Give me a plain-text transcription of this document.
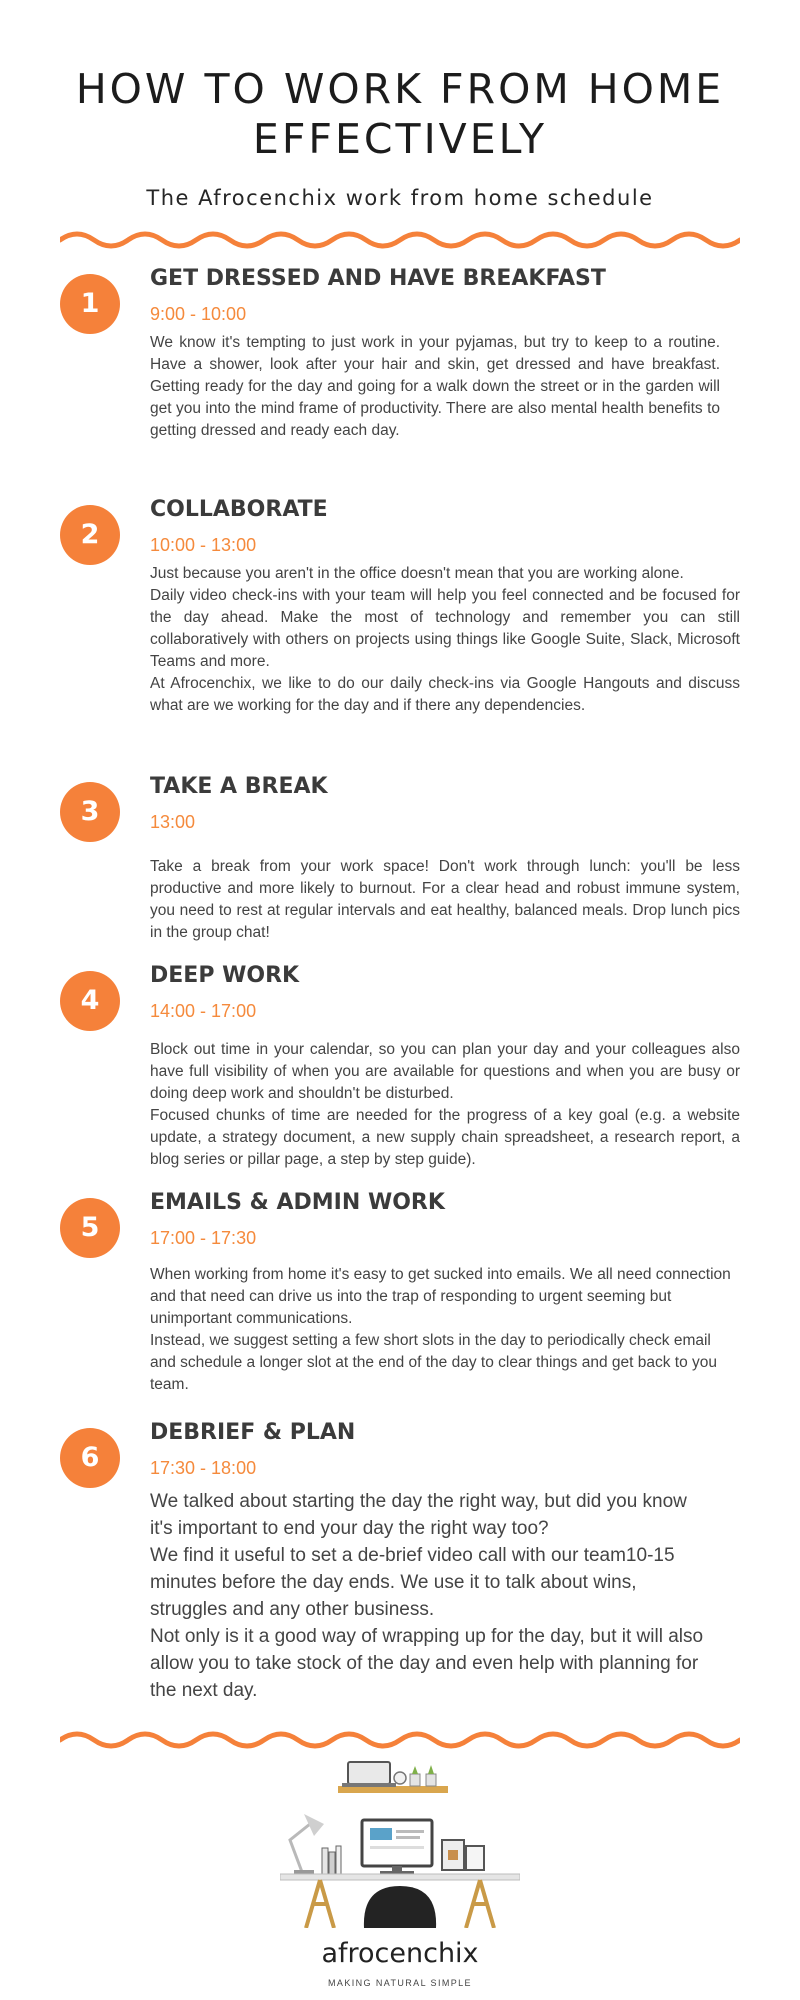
HOW TO WORK FROM HOME EFFECTIVELY
The Afrocenchix work from home schedule
1
GET DRESSED AND HAVE BREAKFAST
9:00 - 10:00

We know it's tempting to just work in your pyjamas, but try to keep to a routine. Have a shower, look after your hair and skin, get dressed and have breakfast. Getting ready for the day and going for a walk down the street or in the garden will get you into the mind frame of productivity. There are also mental health benefits to getting dressed and ready each day.

2
COLLABORATE
10:00 - 13:00

Just because you aren't in the office doesn't mean that you are working alone.

Daily video check-ins with your team will help you feel connected and be focused for the day ahead. Make the most of technology and remember you can still collaboratively with others on projects using things like Google Suite, Slack, Microsoft Teams and more.

At Afrocenchix, we like to do our daily check-ins via Google Hangouts and discuss what are we working for the day and if there any dependencies.

3
TAKE A BREAK
13:00

Take a break from your work space! Don't work through lunch: you'll be less productive and more likely to burnout. For a clear head and robust immune system, you need to rest at regular intervals and eat healthy, balanced meals. Drop lunch pics in the group chat!

4
DEEP WORK
14:00 - 17:00

Block out time in your calendar, so you can plan your day and your colleagues also have full visibility of when you are available for questions and when you are busy or doing deep work and shouldn't be disturbed.

Focused chunks of time are needed for the progress of a key goal (e.g. a website update, a strategy document, a new supply chain spreadsheet, a research report, a blog series or pillar page, a step by step guide).

5
EMAILS & ADMIN WORK
17:00 - 17:30

When working from home it's easy to get sucked into emails. We all need connection and that need can drive us into the trap of responding to urgent seeming but unimportant communications.

Instead, we suggest setting a few short slots in the day to periodically check email and schedule a longer slot at the end of the day to clear things and get back to you team.

6
DEBRIEF & PLAN
17:30 - 18:00

We talked about starting the day the right way, but did you know it's important to end your day the right way too?

We find it useful to set a de-brief video call with our team10-15 minutes before the day ends. We use it to talk about wins, struggles and any other business.

Not only is it a good way of wrapping up for the day, but it will also allow you to take stock of the day and even help with planning for the next day.

afrocenchix
MAKING NATURAL SIMPLE
